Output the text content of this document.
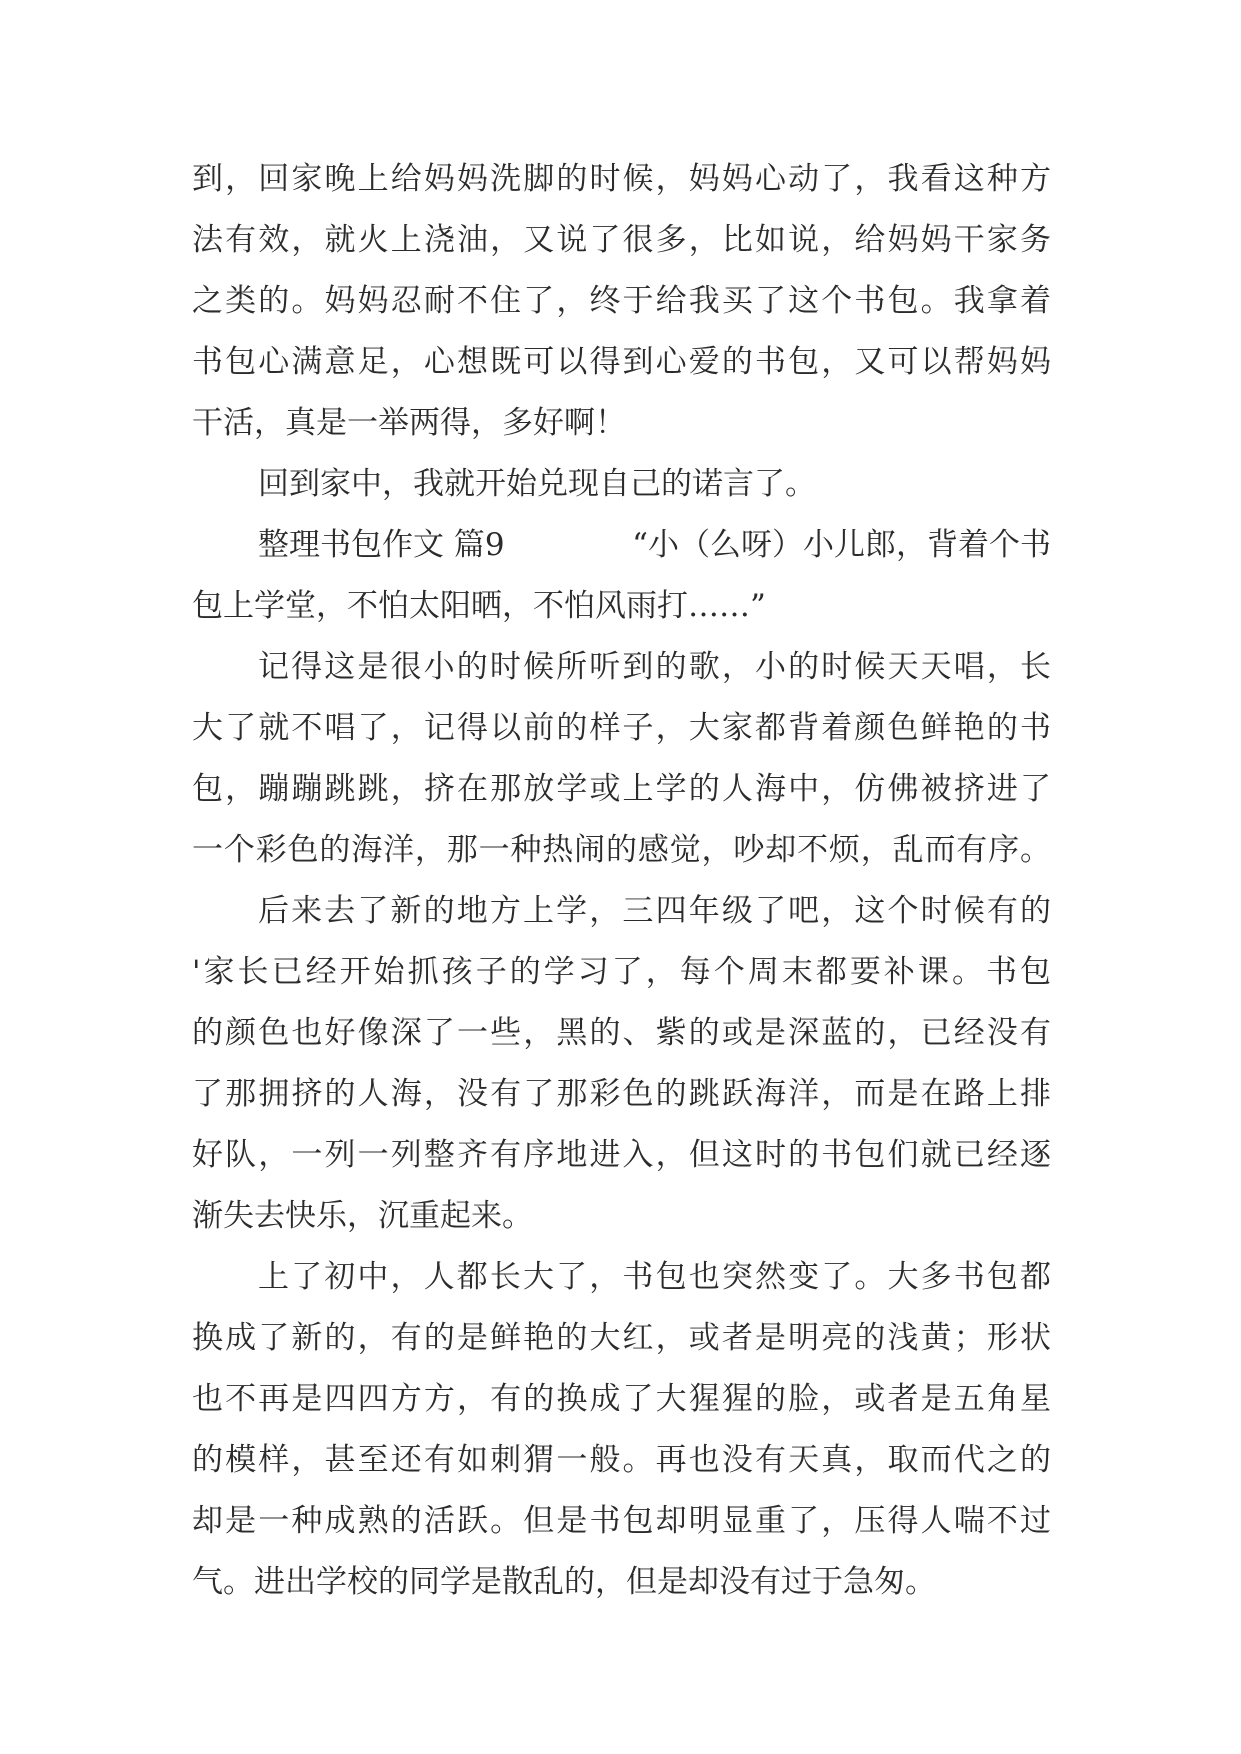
到，回家晚上给妈妈洗脚的时候，妈妈心动了，我看这种方
法有效，就火上浇油，又说了很多，比如说，给妈妈干家务
之类的。妈妈忍耐不住了，终于给我买了这个书包。我拿着
书包心满意足，心想既可以得到心爱的书包，又可以帮妈妈
干活，真是一举两得，多好啊！
回到家中，我就开始兑现自己的诺言了。
整理书包作文 篇9	“小（么呀）小儿郎，背着个书
包上学堂，不怕太阳晒，不怕风雨打……”
记得这是很小的时候所听到的歌，小的时候天天唱，长
大了就不唱了，记得以前的样子，大家都背着颜色鲜艳的书
包，蹦蹦跳跳，挤在那放学或上学的人海中，仿佛被挤进了
一个彩色的海洋，那一种热闹的感觉，吵却不烦，乱而有序。
后来去了新的地方上学，三四年级了吧，这个时候有的
'家长已经开始抓孩子的学习了，每个周末都要补课。书包
的颜色也好像深了一些，黑的、紫的或是深蓝的，已经没有
了那拥挤的人海，没有了那彩色的跳跃海洋，而是在路上排
好队，一列一列整齐有序地进入，但这时的书包们就已经逐
渐失去快乐，沉重起来。
上了初中，人都长大了，书包也突然变了。大多书包都
换成了新的，有的是鲜艳的大红，或者是明亮的浅黄；形状
也不再是四四方方，有的换成了大猩猩的脸，或者是五角星
的模样，甚至还有如刺猬一般。再也没有天真，取而代之的
却是一种成熟的活跃。但是书包却明显重了，压得人喘不过
气。进出学校的同学是散乱的，但是却没有过于急匆。
